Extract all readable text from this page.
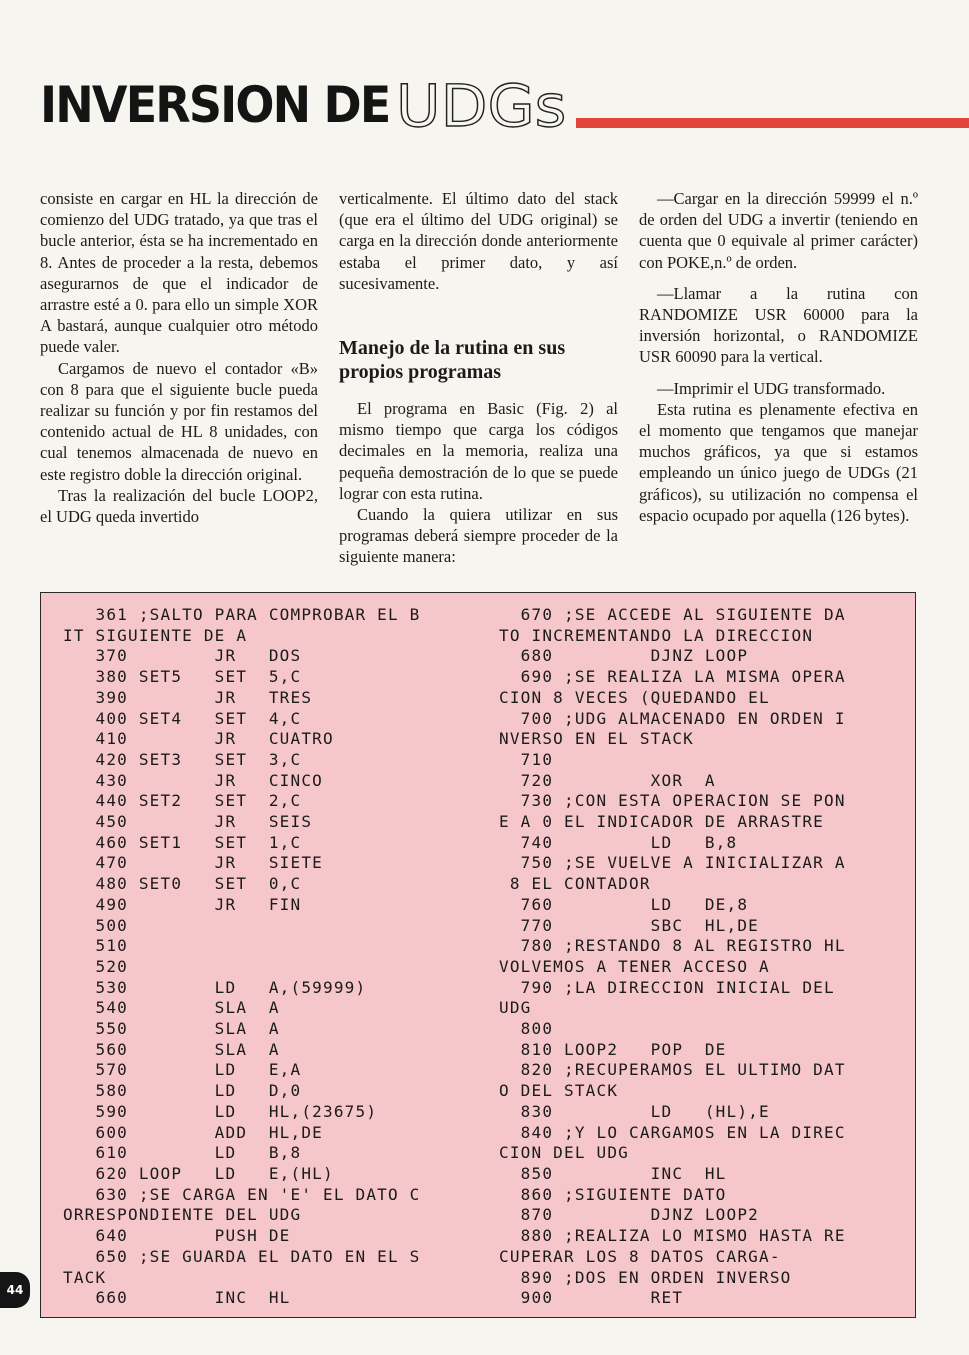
INVERSION DE UDGs

consiste en cargar en HL la dirección de comienzo del UDG tratado, ya que tras el bucle anterior, ésta se ha incrementado en 8. Antes de proceder a la resta, debemos asegurarnos de que el indicador de arrastre esté a 0. para ello un simple XOR A bastará, aunque cualquier otro método puede valer.

Cargamos de nuevo el contador «B» con 8 para que el siguiente bucle pueda realizar su función y por fin restamos del contenido actual de HL 8 unidades, con cual tenemos almacenada de nuevo en este registro doble la dirección original.

Tras la realización del bucle LOOP2, el UDG queda invertido

verticalmente. El último dato del stack (que era el último del UDG original) se carga en la dirección donde anteriormente estaba el primer dato, y así sucesivamente.

Manejo de la rutina en sus propios programas

El programa en Basic (Fig. 2) al mismo tiempo que carga los códigos decimales en la memoria, realiza una pequeña demostración de lo que se puede lograr con esta rutina.

Cuando la quiera utilizar en sus programas deberá siempre proceder de la siguiente manera:

—Cargar en la dirección 59999 el n.º de orden del UDG a invertir (teniendo en cuenta que 0 equivale al primer carácter) con POKE,n.º de orden.

—Llamar a la rutina con RANDOMIZE USR 60000 para la inversión horizontal, o RANDOMIZE USR 60090 para la vertical.

—Imprimir el UDG transformado.

Esta rutina es plenamente efectiva en el momento que tengamos que manejar muchos gráficos, ya que si estamos empleando un único juego de UDGs (21 gráficos), su utilización no compensa el espacio ocupado por aquella (126 bytes).

361 ;SALTO PARA COMPROBAR EL B
IT SIGUIENTE DE A
370        JR   DOS
380 SET5   SET  5,C
390        JR   TRES
400 SET4   SET  4,C
410        JR   CUATRO
420 SET3   SET  3,C
430        JR   CINCO
440 SET2   SET  2,C
450        JR   SEIS
460 SET1   SET  1,C
470        JR   SIETE
480 SET0   SET  0,C
490        JR   FIN
500
510
520
530        LD   A,(59999)
540        SLA  A
550        SLA  A
560        SLA  A
570        LD   E,A
580        LD   D,0
590        LD   HL,(23675)
600        ADD  HL,DE
610        LD   B,8
620 LOOP   LD   E,(HL)
630 ;SE CARGA EN 'E' EL DATO C
ORRESPONDIENTE DEL UDG
640        PUSH DE
650 ;SE GUARDA EL DATO EN EL S
TACK
660        INC  HL
670 ;SE ACCEDE AL SIGUIENTE DA
TO INCREMENTANDO LA DIRECCION
680         DJNZ LOOP
690 ;SE REALIZA LA MISMA OPERA
CION 8 VECES (QUEDANDO EL
700 ;UDG ALMACENADO EN ORDEN I
NVERSO EN EL STACK
710
720         XOR  A
730 ;CON ESTA OPERACION SE PON
E A 0 EL INDICADOR DE ARRASTRE
740         LD   B,8
750 ;SE VUELVE A INICIALIZAR A
8 EL CONTADOR
760         LD   DE,8
770         SBC  HL,DE
780 ;RESTANDO 8 AL REGISTRO HL
VOLVEMOS A TENER ACCESO A
790 ;LA DIRECCION INICIAL DEL
UDG
800
810 LOOP2   POP  DE
820 ;RECUPERAMOS EL ULTIMO DAT
O DEL STACK
830         LD   (HL),E
840 ;Y LO CARGAMOS EN LA DIREC
CION DEL UDG
850         INC  HL
860 ;SIGUIENTE DATO
870         DJNZ LOOP2
880 ;REALIZA LO MISMO HASTA RE
CUPERAR LOS 8 DATOS CARGA-
890 ;DOS EN ORDEN INVERSO
900         RET
44
